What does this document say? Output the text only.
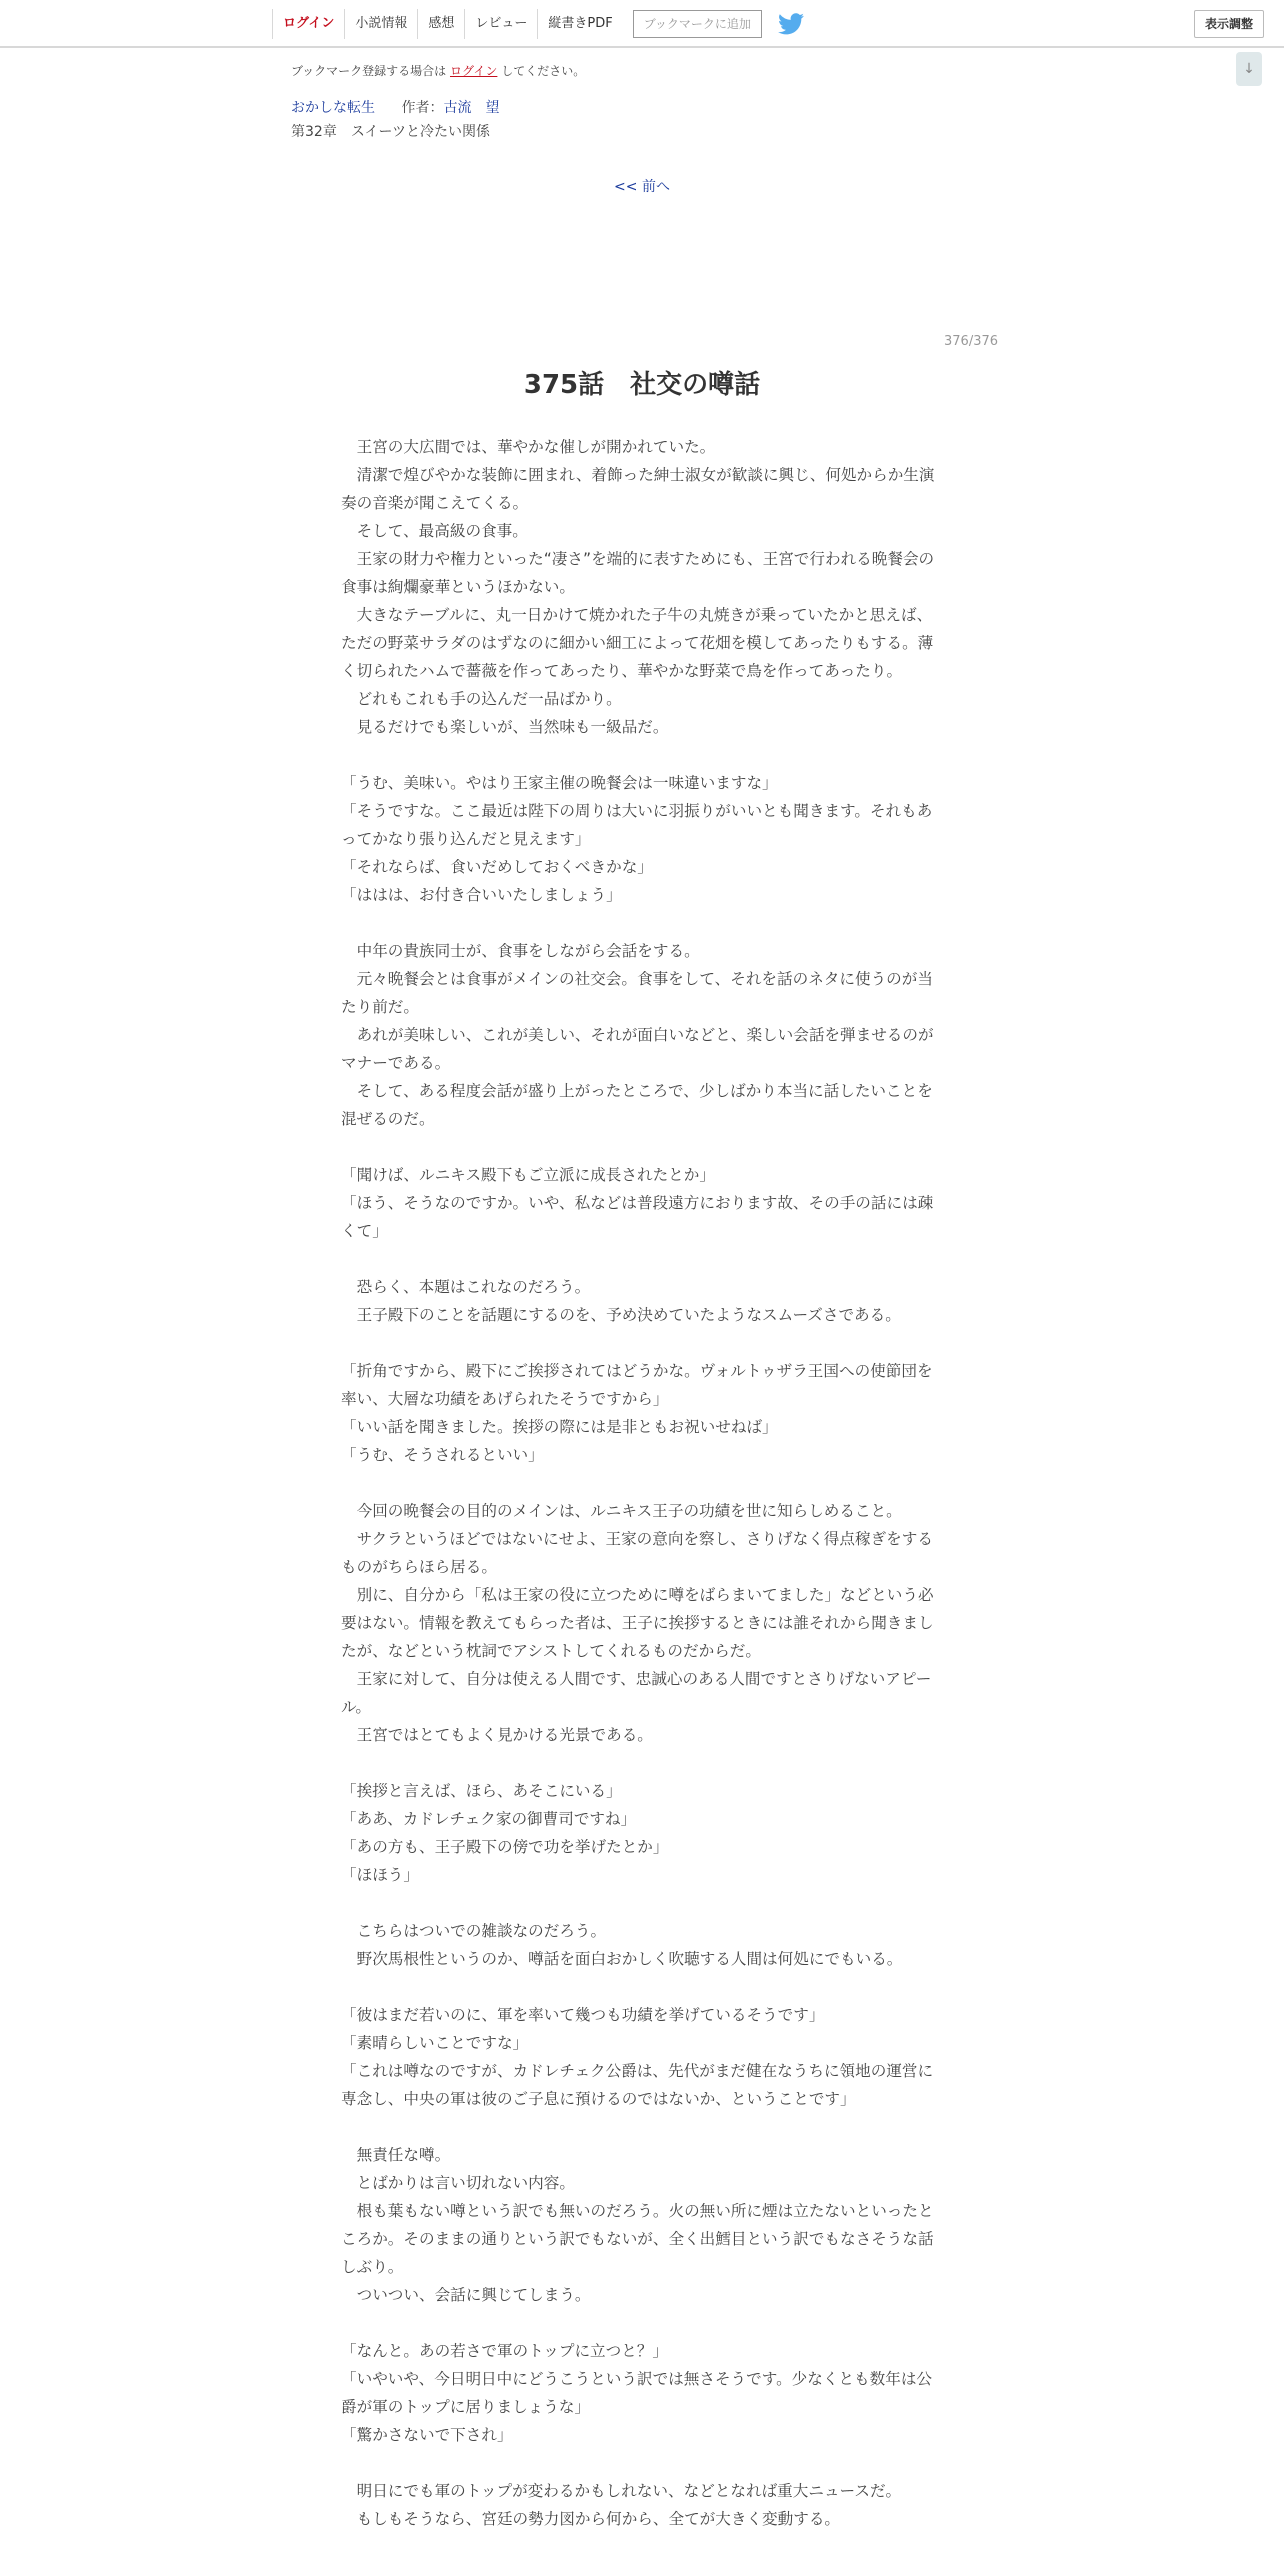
ログイン	小説情報	感想	レビュー	縦書きPDF	ブックマークに追加	表示調整
↓
ブックマーク登録する場合は ログイン してください。
おかしな転生 作者：古流　望
第32章　スイーツと冷たい関係
<< 前へ
376/376
375話　社交の噂話

　王宮の大広間では、華やかな催しが開かれていた。

　清潔で煌びやかな装飾に囲まれ、着飾った紳士淑女が歓談に興じ、何処からか生演奏の音楽が聞こえてくる。

　そして、最高級の食事。

　王家の財力や権力といった“凄さ”を端的に表すためにも、王宮で行われる晩餐会の食事は絢爛豪華というほかない。

　大きなテーブルに、丸一日かけて焼かれた子牛の丸焼きが乗っていたかと思えば、ただの野菜サラダのはずなのに細かい細工によって花畑を模してあったりもする。薄く切られたハムで薔薇を作ってあったり、華やかな野菜で鳥を作ってあったり。

　どれもこれも手の込んだ一品ばかり。

　見るだけでも楽しいが、当然味も一級品だ。

「うむ、美味い。やはり王家主催の晩餐会は一味違いますな」

「そうですな。ここ最近は陛下の周りは大いに羽振りがいいとも聞きます。それもあってかなり張り込んだと見えます」

「それならば、食いだめしておくべきかな」

「ははは、お付き合いいたしましょう」

　中年の貴族同士が、食事をしながら会話をする。

　元々晩餐会とは食事がメインの社交会。食事をして、それを話のネタに使うのが当たり前だ。

　あれが美味しい、これが美しい、それが面白いなどと、楽しい会話を弾ませるのがマナーである。

　そして、ある程度会話が盛り上がったところで、少しばかり本当に話したいことを混ぜるのだ。

「聞けば、ルニキス殿下もご立派に成長されたとか」

「ほう、そうなのですか。いや、私などは普段遠方におります故、その手の話には疎くて」

　恐らく、本題はこれなのだろう。

　王子殿下のことを話題にするのを、予め決めていたようなスムーズさである。

「折角ですから、殿下にご挨拶されてはどうかな。ヴォルトゥザラ王国への使節団を率い、大層な功績をあげられたそうですから」

「いい話を聞きました。挨拶の際には是非ともお祝いせねば」

「うむ、そうされるといい」

　今回の晩餐会の目的のメインは、ルニキス王子の功績を世に知らしめること。

　サクラというほどではないにせよ、王家の意向を察し、さりげなく得点稼ぎをするものがちらほら居る。

　別に、自分から「私は王家の役に立つために噂をばらまいてました」などという必要はない。情報を教えてもらった者は、王子に挨拶するときには誰それから聞きましたが、などという枕詞でアシストしてくれるものだからだ。

　王家に対して、自分は使える人間です、忠誠心のある人間ですとさりげないアピール。

　王宮ではとてもよく見かける光景である。

「挨拶と言えば、ほら、あそこにいる」

「ああ、カドレチェク家の御曹司ですね」

「あの方も、王子殿下の傍で功を挙げたとか」

「ほほう」

　こちらはついでの雑談なのだろう。

　野次馬根性というのか、噂話を面白おかしく吹聴する人間は何処にでもいる。

「彼はまだ若いのに、軍を率いて幾つも功績を挙げているそうです」

「素晴らしいことですな」

「これは噂なのですが、カドレチェク公爵は、先代がまだ健在なうちに領地の運営に専念し、中央の軍は彼のご子息に預けるのではないか、ということです」

　無責任な噂。

　とばかりは言い切れない内容。

　根も葉もない噂という訳でも無いのだろう。火の無い所に煙は立たないといったところか。そのままの通りという訳でもないが、全く出鱈目という訳でもなさそうな話しぶり。

　ついつい、会話に興じてしまう。

「なんと。あの若さで軍のトップに立つと？」

「いやいや、今日明日中にどうこうという訳では無さそうです。少なくとも数年は公爵が軍のトップに居りましょうな」

「驚かさないで下され」

　明日にでも軍のトップが変わるかもしれない、などとなれば重大ニュースだ。

　もしもそうなら、宮廷の勢力図から何から、全てが大きく変動する。
